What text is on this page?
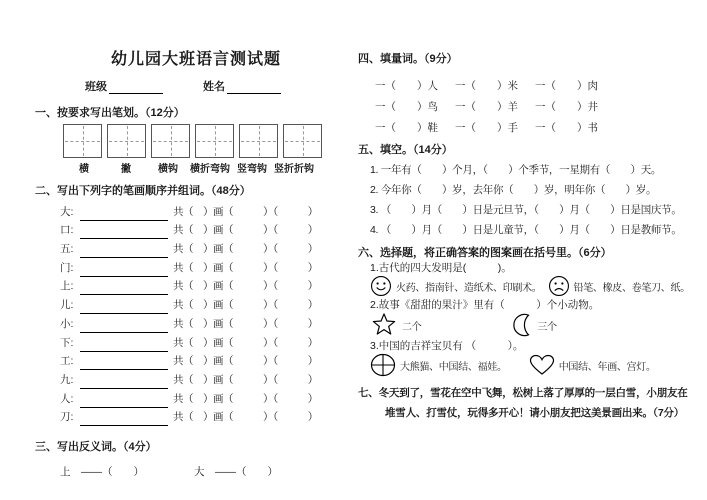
幼儿园大班语言测试题
班级	姓名
一、按要求写出笔划。（12分）
横	撇	横钩	横折弯钩 竖弯钩 竖折折钩
二、写出下列字的笔画顺序并组词。（48分）
大:	共（　）画（　　　）（　　　）
口:	共（　）画（　　　）（　　　）
五:	共（　）画（　　　）（　　　）
门:	共（　）画（　　　）（　　　）
上:	共（　）画（　　　）（　　　）
儿:	共（　）画（　　　）（　　　）
小:	共（　）画（　　　）（　　　）
下:	共（　）画（　　　）（　　　）
工:	共（　）画（　　　）（　　　）
九:	共（　）画（　　　）（　　　）
人:	共（　）画（　　　）（　　　）
刀:	共（　）画（　　　）（　　　）
三、写出反义词。（4分）
上　——（　　）	大　——（　　）
四、填量词。（9分）
一（　　）人	一（　　）米	一（　　）肉
一（　　）鸟	一（　　）羊	一（　　）井
一（　　）鞋	一（　　）手	一（　　）书
五、填空。（14分）
1. 一年有（　　）个月，（　　）个季节，一星期有（　　）天。
2. 今年你（　　）岁，去年你（　　）岁，明年你（　　）岁。
3. （　　）月（　　）日是元旦节，（　　）月（　　）日是国庆节。
4. （　　）月（　　）日是儿童节，（　　）月（　　）日是教师节。
六、选择题，将正确答案的图案画在括号里。（6分）
1.古代的四大发明是(　　　)。
火药、指南针、造纸术、印刷术。	铅笔、橡皮、卷笔刀、纸。
2.故事《甜甜的果汁》里有（　　　）个小动物。
二个	三个
3.中国的吉祥宝贝有 （　　　）。
大熊猫、中国结、福娃。	中国结、年画、宫灯。
七、冬天到了，雪花在空中飞舞，松树上落了厚厚的一层白雪，小朋友在
堆雪人、打雪仗，玩得多开心！请小朋友把这美景画出来。（7分）
